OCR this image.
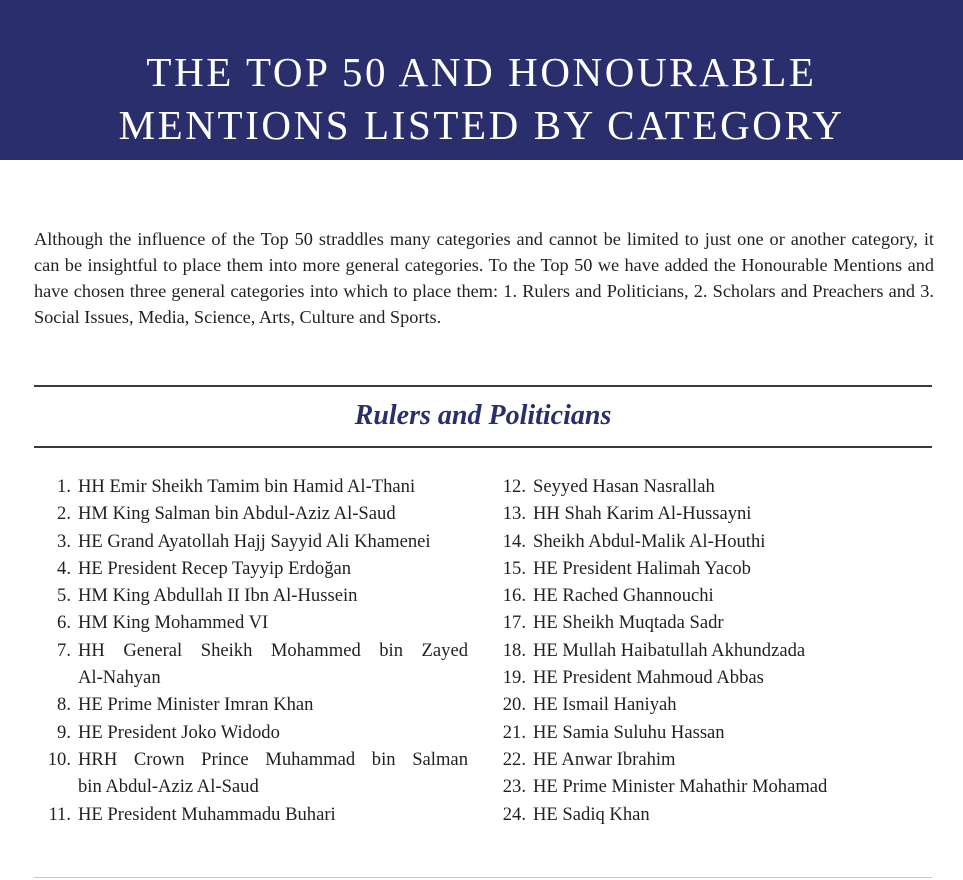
THE TOP 50 AND HONOURABLE
MENTIONS LISTED BY CATEGORY

Although the influence of the Top 50 straddles many categories and cannot be limited to just one or another category, it can be insightful to place them into more general categories. To the Top 50 we have added the Honourable Mentions and have chosen three general categories into which to place them: 1. Rulers and Politicians, 2. Scholars and Preachers and 3. Social Issues, Media, Science, Arts, Culture and Sports.

Rulers and Politicians
1. HH Emir Sheikh Tamim bin Hamid Al-Thani
2. HM King Salman bin Abdul-Aziz Al-Saud
3. HE Grand Ayatollah Hajj Sayyid Ali Khamenei
4. HE President Recep Tayyip Erdoğan
5. HM King Abdullah II Ibn Al-Hussein
6. HM King Mohammed VI
7. HH General Sheikh Mohammed bin Zayed
Al-Nahyan
8. HE Prime Minister Imran Khan
9. HE President Joko Widodo
10. HRH Crown Prince Muhammad bin Salman
bin Abdul-Aziz Al-Saud
11. HE President Muhammadu Buhari
12. Seyyed Hasan Nasrallah
13. HH Shah Karim Al-Hussayni
14. Sheikh Abdul-Malik Al-Houthi
15. HE President Halimah Yacob
16. HE Rached Ghannouchi
17. HE Sheikh Muqtada Sadr
18. HE Mullah Haibatullah Akhundzada
19. HE President Mahmoud Abbas
20. HE Ismail Haniyah
21. HE Samia Suluhu Hassan
22. HE Anwar Ibrahim
23. HE Prime Minister Mahathir Mohamad
24. HE Sadiq Khan
